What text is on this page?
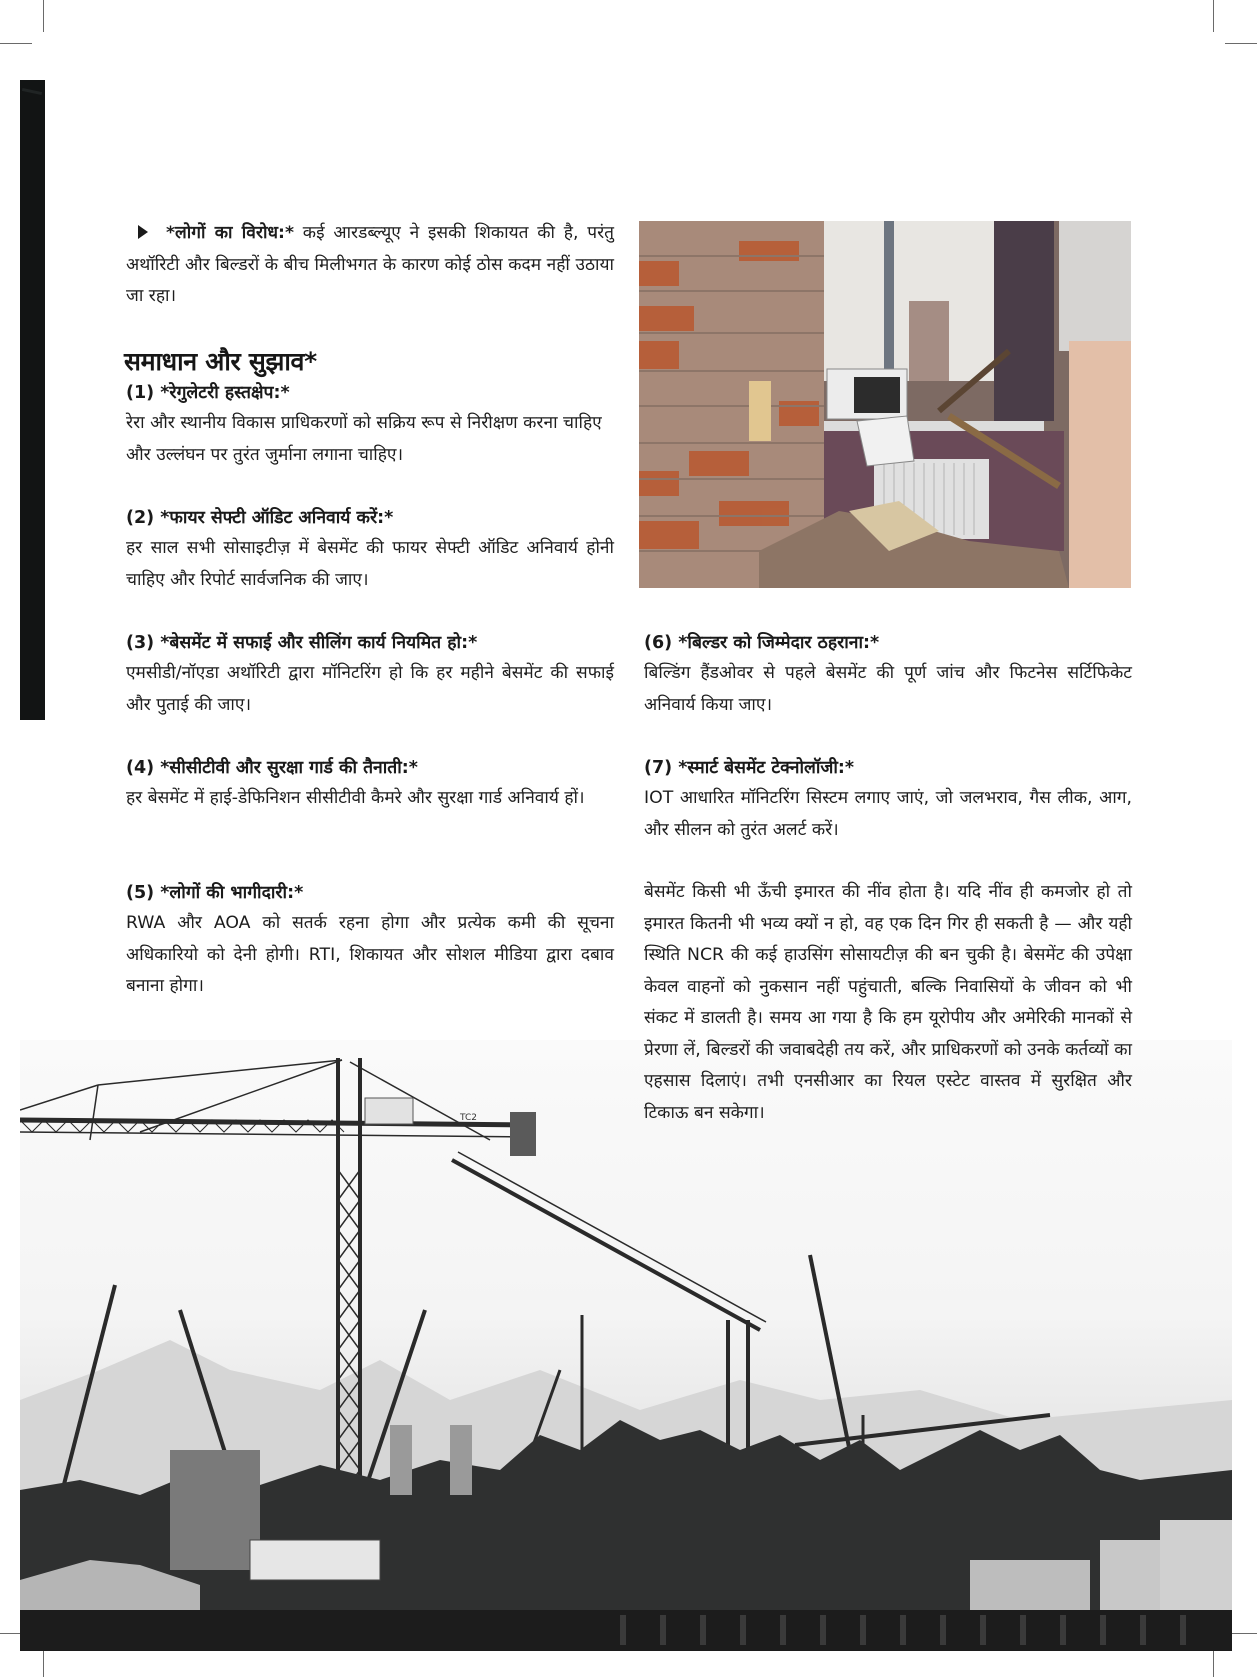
TC2
*लोगों का विरोध:* कई आरडब्ल्यूए ने इसकी शिकायत की है, परंतु अथॉरिटी और बिल्डरों के बीच मिलीभगत के कारण कोई ठोस कदम नहीं उठाया जा रहा।
समाधान और सुझाव*
(1) *रेगुलेटरी हस्तक्षेप:*
रेरा और स्थानीय विकास प्राधिकरणों को सक्रिय रूप से निरीक्षण करना चाहिए और उल्लंघन पर तुरंत जुर्माना लगाना चाहिए।
(2) *फायर सेफ्टी ऑडिट अनिवार्य करें:*
हर साल सभी सोसाइटीज़ में बेसमेंट की फायर सेफ्टी ऑडिट अनिवार्य होनी चाहिए और रिपोर्ट सार्वजनिक की जाए।
(3) *बेसमेंट में सफाई और सीलिंग कार्य नियमित हो:*
एमसीडी/नॉएडा अथॉरिटी द्वारा मॉनिटरिंग हो कि हर महीने बेसमेंट की सफाई और पुताई की जाए।
(4) *सीसीटीवी और सुरक्षा गार्ड की तैनाती:*
हर बेसमेंट में हाई-डेफिनिशन सीसीटीवी कैमरे और सुरक्षा गार्ड अनिवार्य हों।
(5) *लोगों की भागीदारी:*
RWA और AOA को सतर्क रहना होगा और प्रत्येक कमी की सूचना अधिकारियो को देनी होगी। RTI, शिकायत और सोशल मीडिया द्वारा दबाव बनाना होगा।
(6) *बिल्डर को जिम्मेदार ठहराना:*
बिल्डिंग हैंडओवर से पहले बेसमेंट की पूर्ण जांच और फिटनेस सर्टिफिकेट अनिवार्य किया जाए।
(7) *स्मार्ट बेसमेंट टेक्नोलॉजी:*
IOT आधारित मॉनिटरिंग सिस्टम लगाए जाएं, जो जलभराव, गैस लीक, आग, और सीलन को तुरंत अलर्ट करें।
बेसमेंट किसी भी ऊँची इमारत की नींव होता है। यदि नींव ही कमजोर हो तो इमारत कितनी भी भव्य क्यों न हो, वह एक दिन गिर ही सकती है — और यही स्थिति NCR की कई हाउसिंग सोसायटीज़ की बन चुकी है। बेसमेंट की उपेक्षा केवल वाहनों को नुकसान नहीं पहुंचाती, बल्कि निवासियों के जीवन को भी संकट में डालती है। समय आ गया है कि हम यूरोपीय और अमेरिकी मानकों से प्रेरणा लें, बिल्डरों की जवाबदेही तय करें, और प्राधिकरणों को उनके कर्तव्यों का एहसास दिलाएं। तभी एनसीआर का रियल एस्टेट वास्तव में सुरक्षित और टिकाऊ बन सकेगा।
